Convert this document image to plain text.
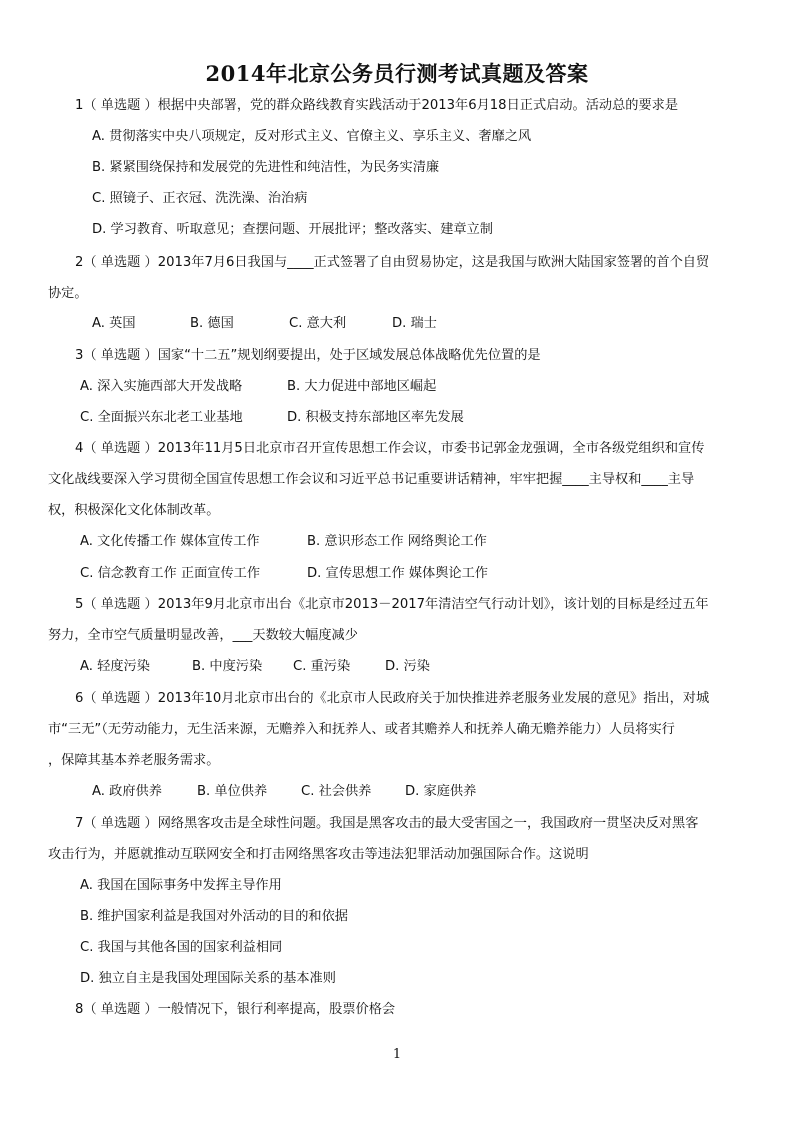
2014年北京公务员行测考试真题及答案
1（ 单选题 ）根据中央部署，党的群众路线教育实践活动于2013年6月18日正式启动。活动总的要求是
A. 贯彻落实中央八项规定，反对形式主义、官僚主义、享乐主义、奢靡之风
B. 紧紧围绕保持和发展党的先进性和纯洁性，为民务实清廉
C. 照镜子、正衣冠、洗洗澡、治治病
D. 学习教育、听取意见；查摆问题、开展批评；整改落实、建章立制
2（ 单选题 ）2013年7月6日我国与____正式签署了自由贸易协定，这是我国与欧洲大陆国家签署的首个自贸
协定。
A. 英国	B. 德国	C. 意大利	D. 瑞士
3（ 单选题 ）国家“十二五”规划纲要提出，处于区域发展总体战略优先位置的是
A. 深入实施西部大开发战略	B. 大力促进中部地区崛起
C. 全面振兴东北老工业基地	D. 积极支持东部地区率先发展
4（ 单选题 ）2013年11月5日北京市召开宣传思想工作会议，市委书记郭金龙强调，全市各级党组织和宣传
文化战线要深入学习贯彻全国宣传思想工作会议和习近平总书记重要讲话精神，牢牢把握____主导权和____主导
权，积极深化文化体制改革。
A. 文化传播工作 媒体宣传工作	B. 意识形态工作 网络舆论工作
C. 信念教育工作 正面宣传工作	D. 宣传思想工作 媒体舆论工作
5（ 单选题 ）2013年9月北京市出台《北京市2013－2017年清洁空气行动计划》，该计划的目标是经过五年
努力，全市空气质量明显改善，___天数较大幅度减少
A. 轻度污染	B. 中度污染 C. 重污染	D. 污染
6（ 单选题 ）2013年10月北京市出台的《北京市人民政府关于加快推进养老服务业发展的意见》指出，对城
市“三无”（无劳动能力，无生活来源，无赡养入和抚养人、或者其赡养人和抚养人确无赡养能力）人员将实行
，保障其基本养老服务需求。
A. 政府供养	B. 单位供养	C. 社会供养	D. 家庭供养
7（ 单选题 ）网络黑客攻击是全球性问题。我国是黑客攻击的最大受害国之一，我国政府一贯坚决反对黑客
攻击行为，并愿就推动互联网安全和打击网络黑客攻击等违法犯罪活动加强国际合作。这说明
A. 我国在国际事务中发挥主导作用
B. 维护国家利益是我国对外活动的目的和依据
C. 我国与其他各国的国家利益相同
D. 独立自主是我国处理国际关系的基本准则
8（ 单选题 ）一般情况下，银行利率提高，股票价格会
1
